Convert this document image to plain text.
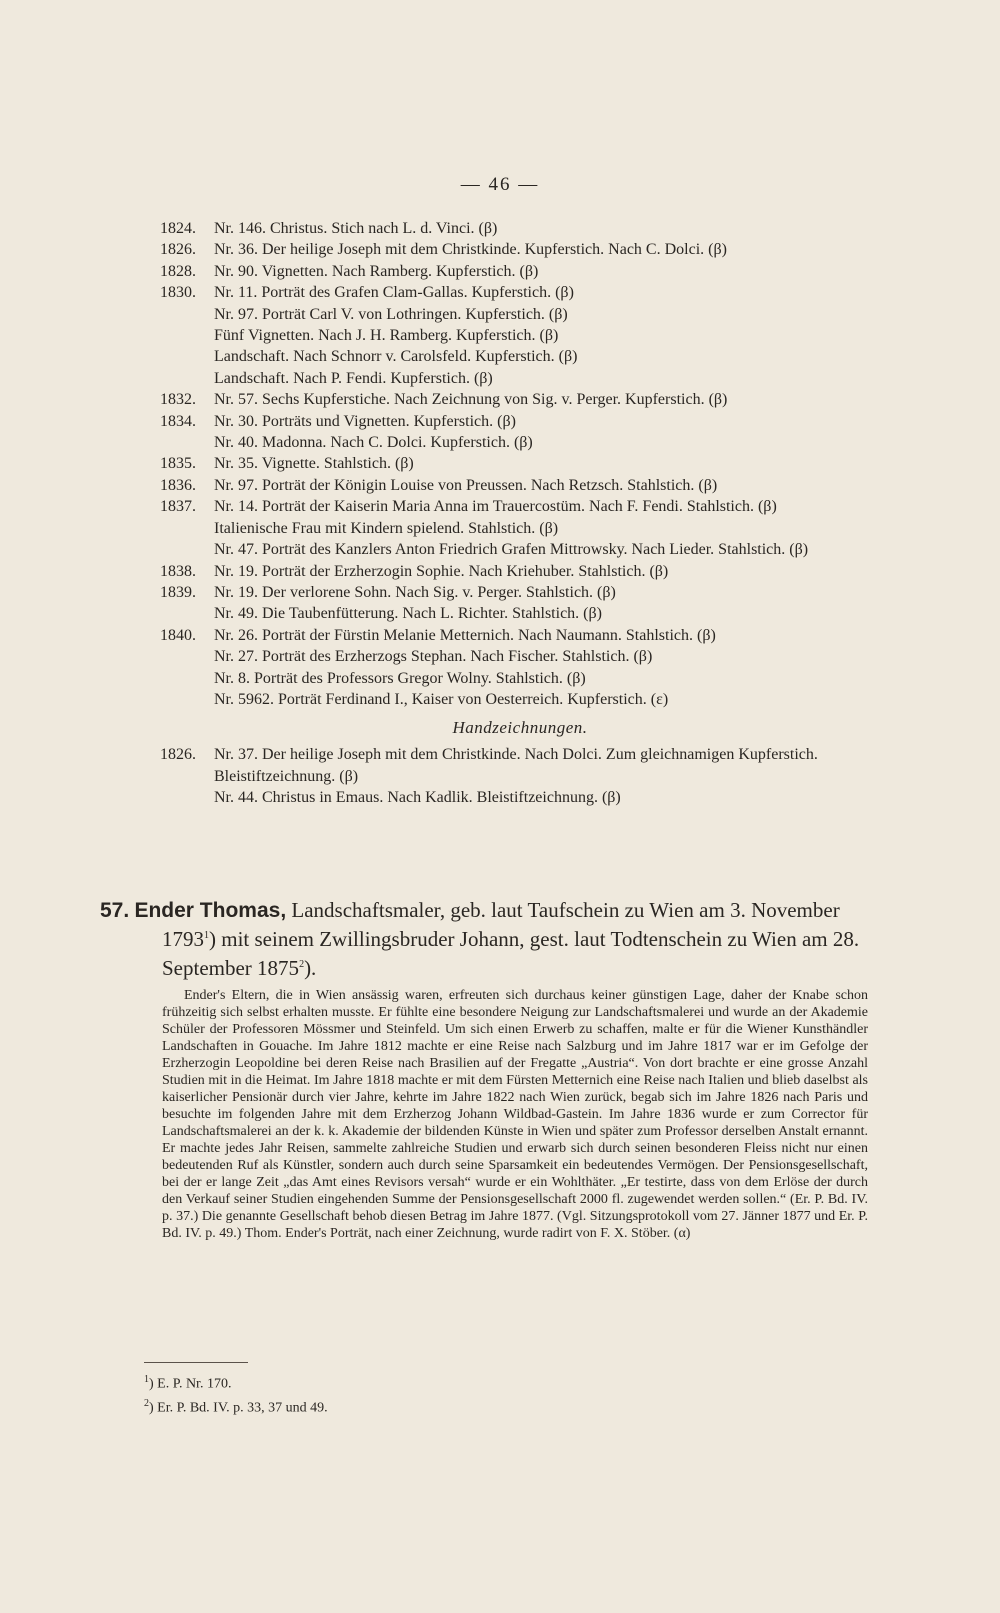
— 46 —
1824. Nr. 146. Christus. Stich nach L. d. Vinci. (β)
1826. Nr. 36. Der heilige Joseph mit dem Christkinde. Kupferstich. Nach C. Dolci. (β)
1828. Nr. 90. Vignetten. Nach Ramberg. Kupferstich. (β)
1830. Nr. 11. Porträt des Grafen Clam-Gallas. Kupferstich. (β)
Nr. 97. Porträt Carl V. von Lothringen. Kupferstich. (β)
Fünf Vignetten. Nach J. H. Ramberg. Kupferstich. (β)
Landschaft. Nach Schnorr v. Carolsfeld. Kupferstich. (β)
Landschaft. Nach P. Fendi. Kupferstich. (β)
1832. Nr. 57. Sechs Kupferstiche. Nach Zeichnung von Sig. v. Perger. Kupferstich. (β)
1834. Nr. 30. Porträts und Vignetten. Kupferstich. (β)
Nr. 40. Madonna. Nach C. Dolci. Kupferstich. (β)
1835. Nr. 35. Vignette. Stahlstich. (β)
1836. Nr. 97. Porträt der Königin Louise von Preussen. Nach Retzsch. Stahlstich. (β)
1837. Nr. 14. Porträt der Kaiserin Maria Anna im Trauercostüm. Nach F. Fendi. Stahlstich. (β)
Italienische Frau mit Kindern spielend. Stahlstich. (β)
Nr. 47. Porträt des Kanzlers Anton Friedrich Grafen Mittrowsky. Nach Lieder. Stahlstich. (β)
1838. Nr. 19. Porträt der Erzherzogin Sophie. Nach Kriehuber. Stahlstich. (β)
1839. Nr. 19. Der verlorene Sohn. Nach Sig. v. Perger. Stahlstich. (β)
Nr. 49. Die Taubenfütterung. Nach L. Richter. Stahlstich. (β)
1840. Nr. 26. Porträt der Fürstin Melanie Metternich. Nach Naumann. Stahlstich. (β)
Nr. 27. Porträt des Erzherzogs Stephan. Nach Fischer. Stahlstich. (β)
Nr. 8. Porträt des Professors Gregor Wolny. Stahlstich. (β)
Nr. 5962. Porträt Ferdinand I., Kaiser von Oesterreich. Kupferstich. (ε)
Handzeichnungen.
1826. Nr. 37. Der heilige Joseph mit dem Christkinde. Nach Dolci. Zum gleichnamigen Kupferstich. Bleistiftzeichnung. (β)
Nr. 44. Christus in Emaus. Nach Kadlik. Bleistiftzeichnung. (β)
57. Ender Thomas, Landschaftsmaler, geb. laut Taufschein zu Wien am 3. November 1793$^1$) mit seinem Zwillingsbruder Johann, gest. laut Todtenschein zu Wien am 28. September 1875$^2$).
Ender's Eltern, die in Wien ansässig waren, erfreuten sich durchaus keiner günstigen Lage, daher der Knabe schon frühzeitig sich selbst erhalten musste. Er fühlte eine besondere Neigung zur Landschaftsmalerei und wurde an der Akademie Schüler der Professoren Mössmer und Steinfeld. Um sich einen Erwerb zu schaffen, malte er für die Wiener Kunsthändler Landschaften in Gouache. Im Jahre 1812 machte er eine Reise nach Salzburg und im Jahre 1817 war er im Gefolge der Erzherzogin Leopoldine bei deren Reise nach Brasilien auf der Fregatte „Austria“. Von dort brachte er eine grosse Anzahl Studien mit in die Heimat. Im Jahre 1818 machte er mit dem Fürsten Metternich eine Reise nach Italien und blieb daselbst als kaiserlicher Pensionär durch vier Jahre, kehrte im Jahre 1822 nach Wien zurück, begab sich im Jahre 1826 nach Paris und besuchte im folgenden Jahre mit dem Erzherzog Johann Wildbad-Gastein. Im Jahre 1836 wurde er zum Corrector für Landschaftsmalerei an der k. k. Akademie der bildenden Künste in Wien und später zum Professor derselben Anstalt ernannt. Er machte jedes Jahr Reisen, sammelte zahlreiche Studien und erwarb sich durch seinen besonderen Fleiss nicht nur einen bedeutenden Ruf als Künstler, sondern auch durch seine Sparsamkeit ein bedeutendes Vermögen. Der Pensionsgesellschaft, bei der er lange Zeit „das Amt eines Revisors versah“ wurde er ein Wohlthäter. „Er testirte, dass von dem Erlöse der durch den Verkauf seiner Studien eingehenden Summe der Pensionsgesellschaft 2000 fl. zugewendet werden sollen.“ (Er. P. Bd. IV. p. 37.) Die genannte Gesellschaft behob diesen Betrag im Jahre 1877. (Vgl. Sitzungsprotokoll vom 27. Jänner 1877 und Er. P. Bd. IV. p. 49.) Thom. Ender's Porträt, nach einer Zeichnung, wurde radirt von F. X. Stöber. (α)
$^1$) E. P. Nr. 170.
$^2$) Er. P. Bd. IV. p. 33, 37 und 49.
